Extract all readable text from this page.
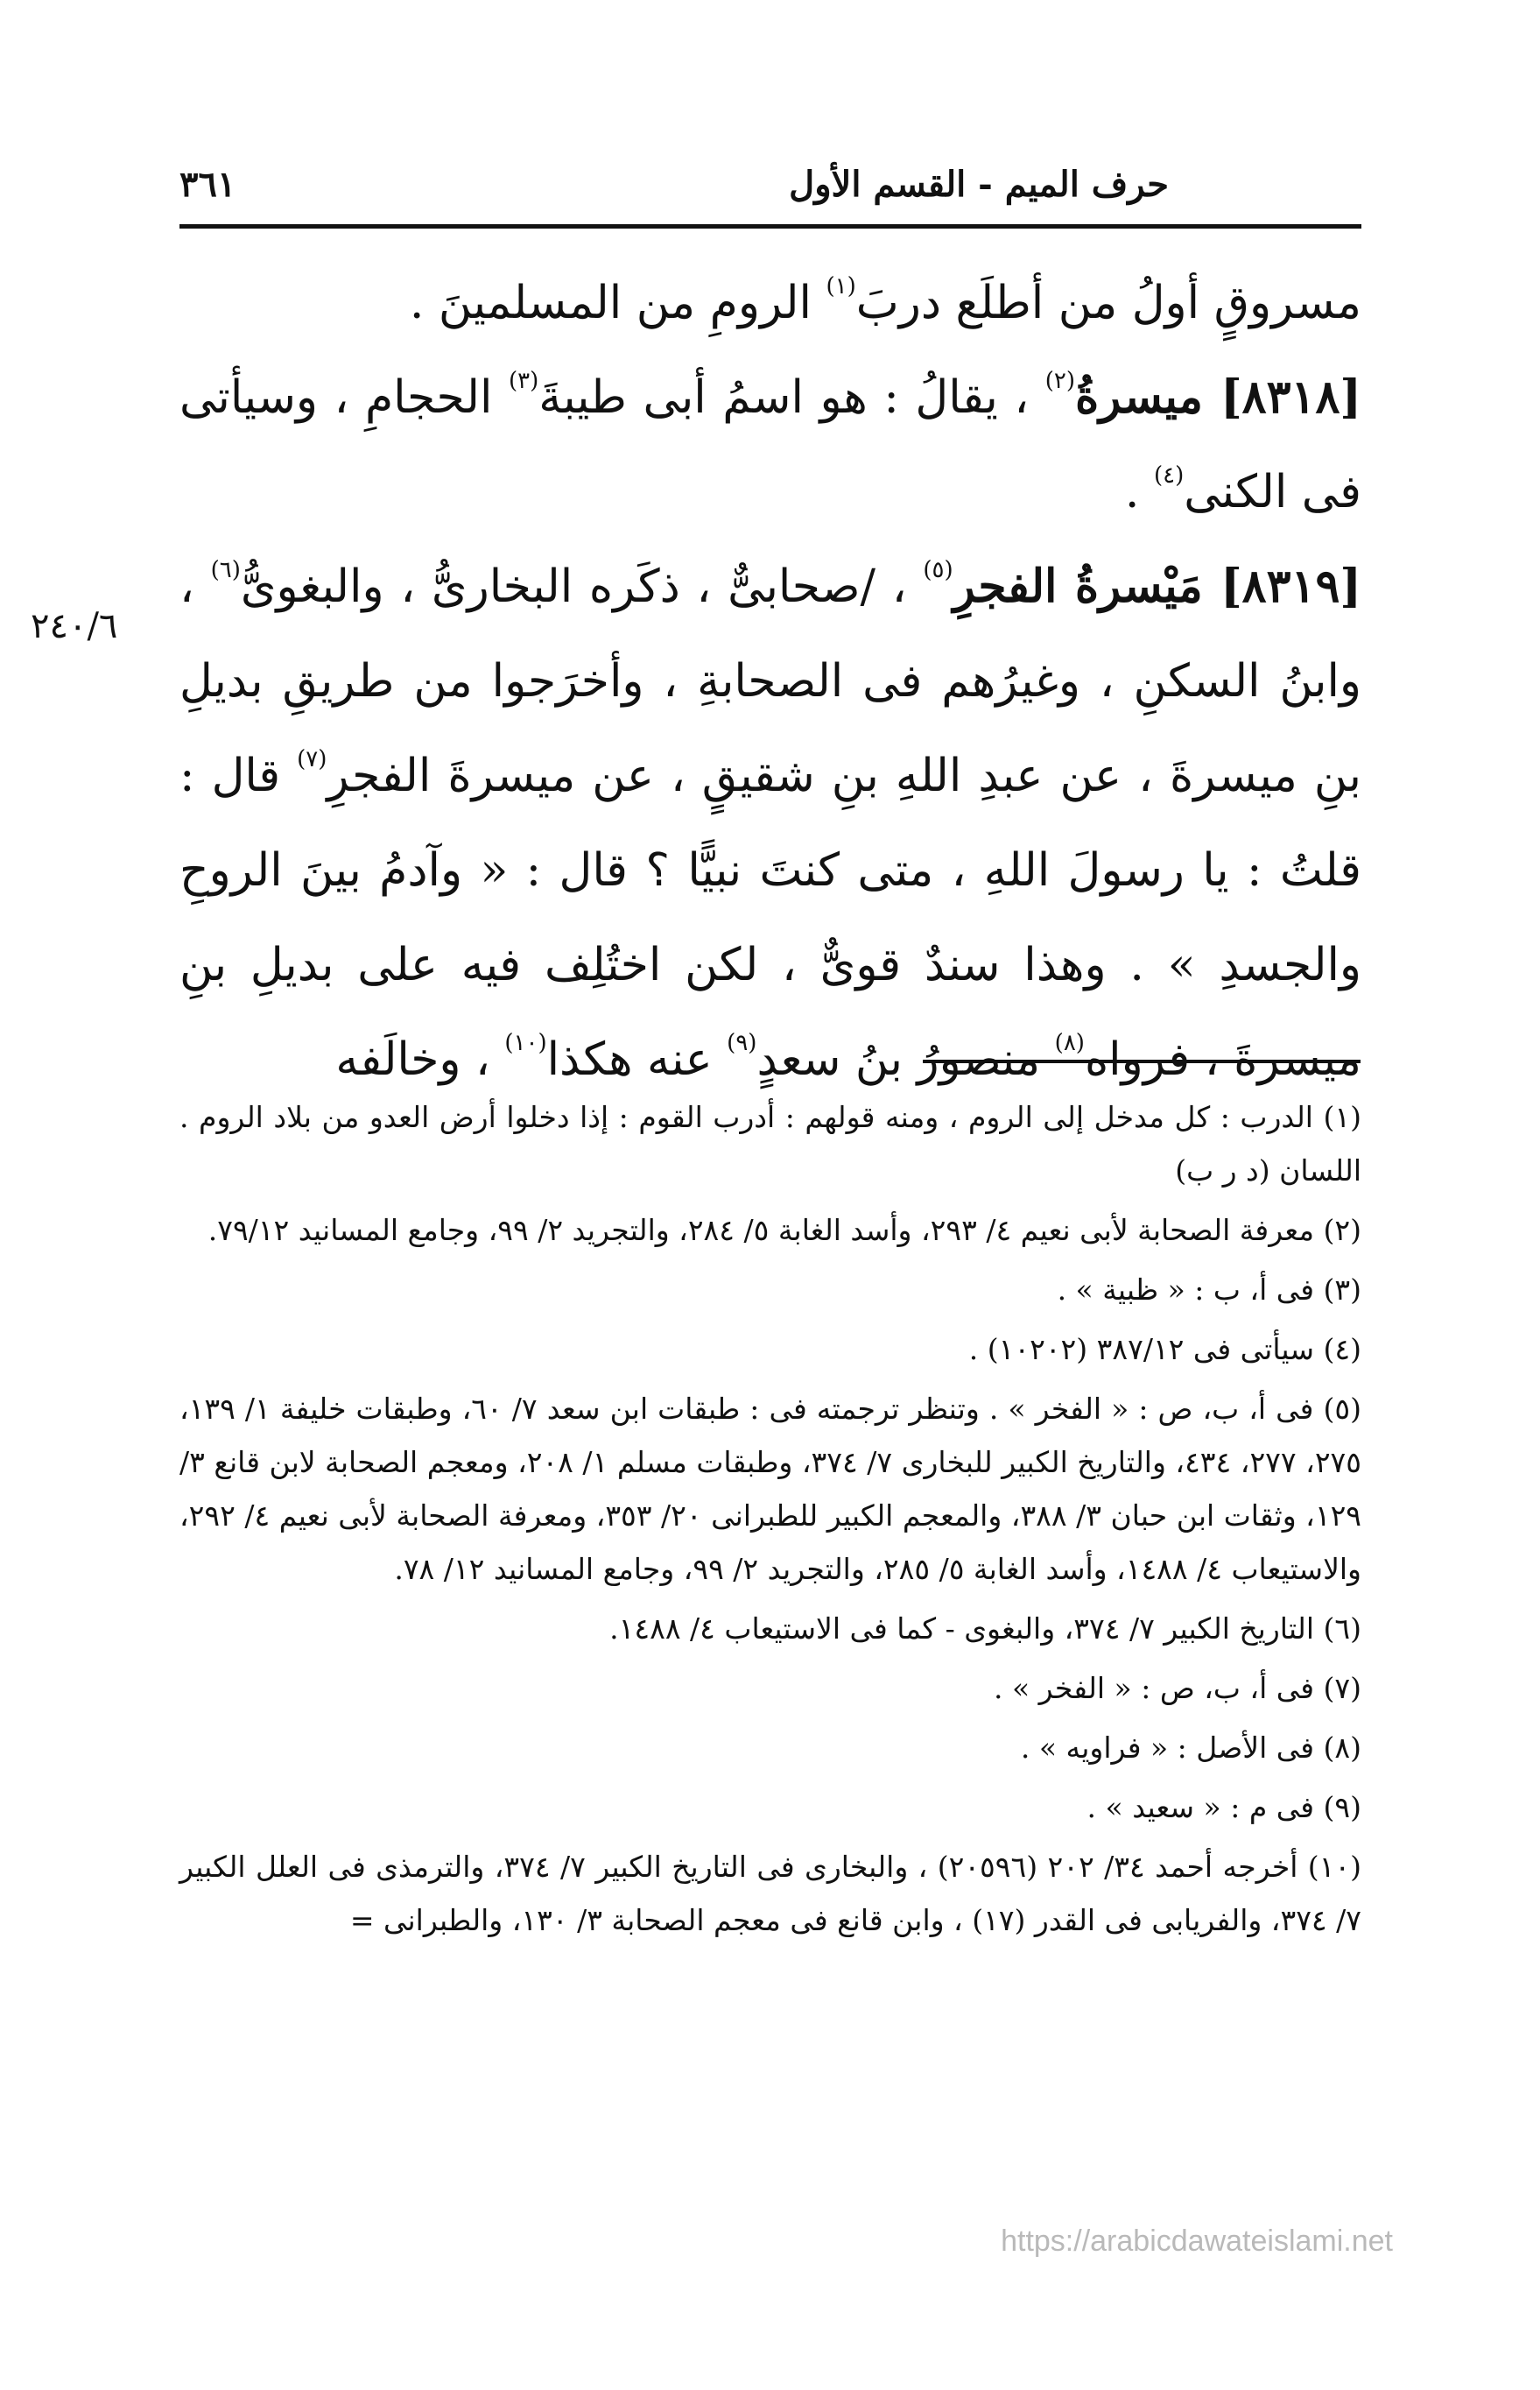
٣٦١	حرف الميم - القسم الأول

مسروقٍ أولُ من أطلَع دربَ$^{(١)}$ الرومِ من المسلمينَ .

[٨٣١٨] ميسرةُ$^{(٢)}$ ، يقالُ : هو اسمُ أبى طيبةَ$^{(٣)}$ الحجامِ ، وسيأتى فى الكنى$^{(٤)}$ .

[٨٣١٩] مَيْسرةُ الفجرِ$^{(٥)}$ ، /صحابىٌّ ، ذكَره البخارىُّ ، والبغوىُّ$^{(٦)}$ ، وابنُ السكنِ ، وغيرُهم فى الصحابةِ ، وأخرَجوا من طريقِ بديلِ بنِ ميسرةَ ، عن عبدِ اللهِ بنِ شقيقٍ ، عن ميسرةَ الفجرِ$^{(٧)}$ قال : قلتُ : يا رسولَ اللهِ ، متى كنتَ نبيًّا ؟ قال : « وآدمُ بينَ الروحِ والجسدِ » . وهذا سندٌ قوىٌّ ، لكن اختُلِف فيه على بديلِ بنِ ميسرةَ ، فرواه$^{(٨)}$ منصورُ بنُ سعدٍ$^{(٩)}$ عنه هكذا$^{(١٠)}$ ، وخالَفه

٢٤٠/٦

(١) الدرب : كل مدخل إلى الروم ، ومنه قولهم : أدرب القوم : إذا دخلوا أرض العدو من بلاد الروم . اللسان (د ر ب)

(٢) معرفة الصحابة لأبى نعيم ٤/ ٢٩٣، وأسد الغابة ٥/ ٢٨٤، والتجريد ٢/ ٩٩، وجامع المسانيد ٧٩/١٢.

(٣) فى أ، ب : « ظبية » .

(٤) سيأتى فى ٣٨٧/١٢ (١٠٢٠٢) .

(٥) فى أ، ب، ص : « الفخر » . وتنظر ترجمته فى : طبقات ابن سعد ٧/ ٦٠، وطبقات خليفة ١/ ١٣٩، ٢٧٥، ٢٧٧، ٤٣٤، والتاريخ الكبير للبخارى ٧/ ٣٧٤، وطبقات مسلم ١/ ٢٠٨، ومعجم الصحابة لابن قانع ٣/ ١٢٩، وثقات ابن حبان ٣/ ٣٨٨، والمعجم الكبير للطبرانى ٢٠/ ٣٥٣، ومعرفة الصحابة لأبى نعيم ٤/ ٢٩٢، والاستيعاب ٤/ ١٤٨٨، وأسد الغابة ٥/ ٢٨٥، والتجريد ٢/ ٩٩، وجامع المسانيد ١٢/ ٧٨.

(٦) التاريخ الكبير ٧/ ٣٧٤، والبغوى - كما فى الاستيعاب ٤/ ١٤٨٨.

(٧) فى أ، ب، ص : « الفخر » .

(٨) فى الأصل : « فراويه » .

(٩) فى م : « سعيد » .

(١٠) أخرجه أحمد ٣٤/ ٢٠٢ (٢٠٥٩٦) ، والبخارى فى التاريخ الكبير ٧/ ٣٧٤، والترمذى فى العلل الكبير ٧/ ٣٧٤، والفريابى فى القدر (١٧) ، وابن قانع فى معجم الصحابة ٣/ ١٣٠، والطبرانى =

https://arabicdawateislami.net
